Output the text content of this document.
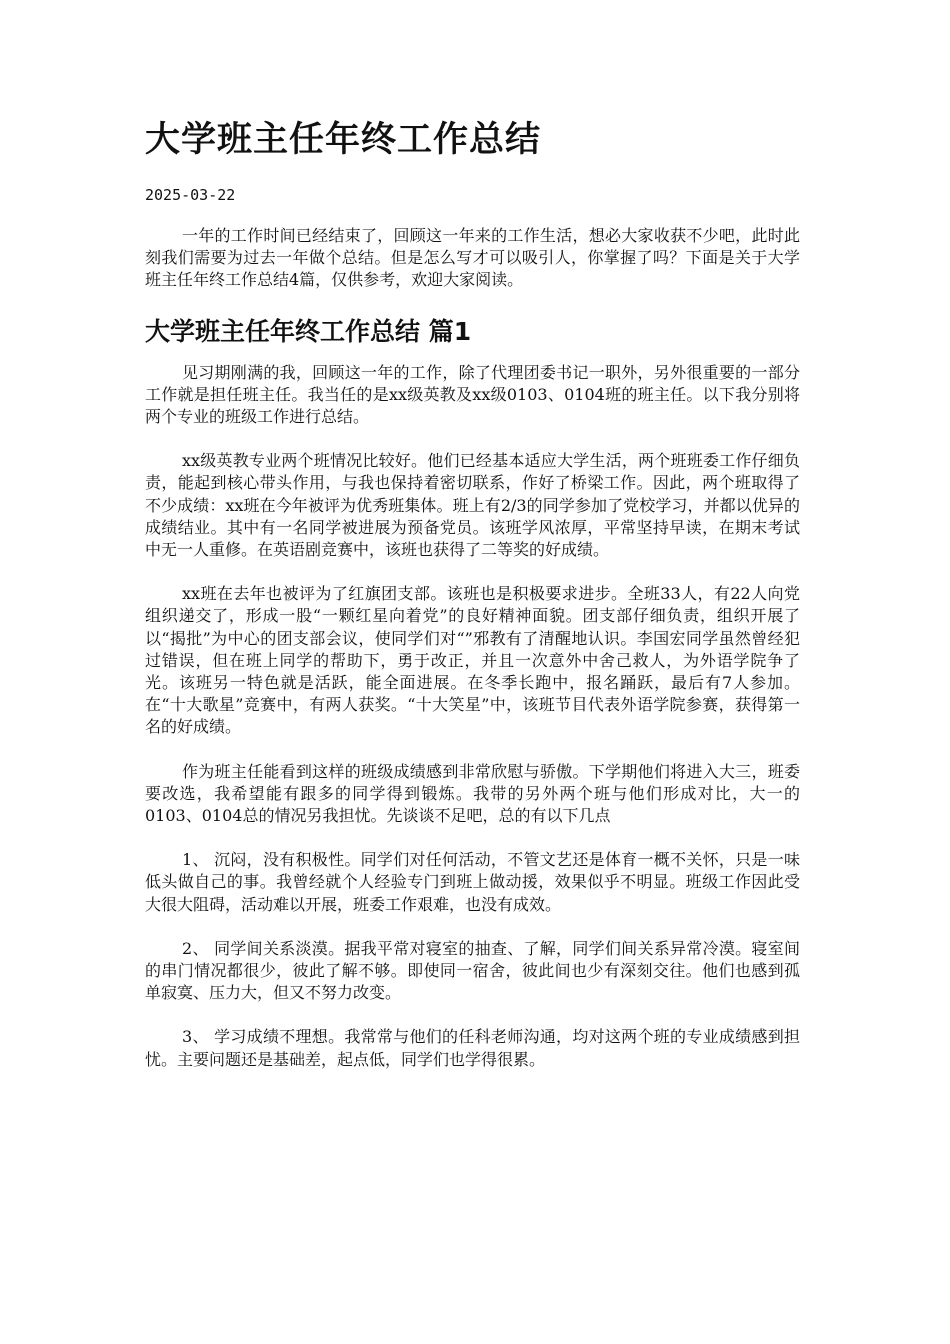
大学班主任年终工作总结
2025-03-22

一年的工作时间已经结束了，回顾这一年来的工作生活，想必大家收获不少吧，此时此刻我们需要为过去一年做个总结。但是怎么写才可以吸引人，你掌握了吗？下面是关于大学班主任年终工作总结4篇，仅供参考，欢迎大家阅读。

大学班主任年终工作总结 篇1

见习期刚满的我，回顾这一年的工作，除了代理团委书记一职外，另外很重要的一部分工作就是担任班主任。我当任的是xx级英教及xx级0103、0104班的班主任。以下我分别将两个专业的班级工作进行总结。

xx级英教专业两个班情况比较好。他们已经基本适应大学生活，两个班班委工作仔细负责，能起到核心带头作用，与我也保持着密切联系，作好了桥梁工作。因此，两个班取得了不少成绩：xx班在今年被评为优秀班集体。班上有2/3的同学参加了党校学习，并都以优异的成绩结业。其中有一名同学被进展为预备党员。该班学风浓厚，平常坚持早读，在期末考试中无一人重修。在英语剧竞赛中，该班也获得了二等奖的好成绩。

xx班在去年也被评为了红旗团支部。该班也是积极要求进步。全班33人，有22人向党组织递交了，形成一股“一颗红星向着党”的良好精神面貌。团支部仔细负责，组织开展了以“揭批”为中心的团支部会议，使同学们对“”邪教有了清醒地认识。李国宏同学虽然曾经犯过错误，但在班上同学的帮助下，勇于改正，并且一次意外中舍己救人，为外语学院争了光。该班另一特色就是活跃，能全面进展。在冬季长跑中，报名踊跃，最后有7人参加。在“十大歌星”竞赛中，有两人获奖。“十大笑星”中，该班节目代表外语学院参赛，获得第一名的好成绩。

作为班主任能看到这样的班级成绩感到非常欣慰与骄傲。下学期他们将进入大三，班委要改选，我希望能有跟多的同学得到锻炼。我带的另外两个班与他们形成对比，大一的0103、0104总的情况另我担忧。先谈谈不足吧，总的有以下几点

1、 沉闷，没有积极性。同学们对任何活动，不管文艺还是体育一概不关怀，只是一味低头做自己的事。我曾经就个人经验专门到班上做动援，效果似乎不明显。班级工作因此受大很大阻碍，活动难以开展，班委工作艰难，也没有成效。

2、 同学间关系淡漠。据我平常对寝室的抽查、了解，同学们间关系异常冷漠。寝室间的串门情况都很少，彼此了解不够。即使同一宿舍，彼此间也少有深刻交往。他们也感到孤单寂寞、压力大，但又不努力改变。

3、 学习成绩不理想。我常常与他们的任科老师沟通，均对这两个班的专业成绩感到担忧。主要问题还是基础差，起点低，同学们也学得很累。
